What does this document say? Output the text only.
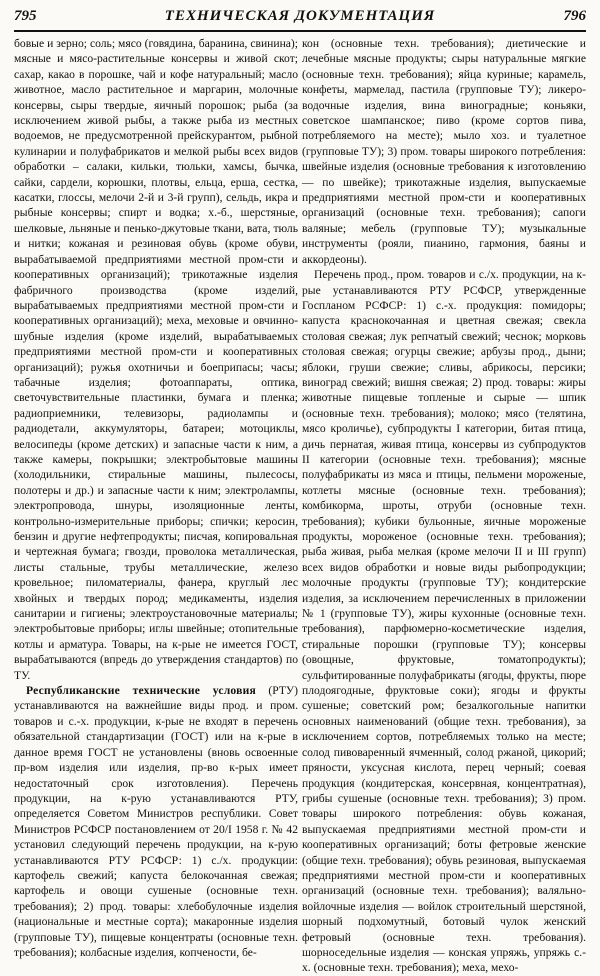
795	ТЕХНИЧЕСКАЯ ДОКУМЕНТАЦИЯ	796

бовые и зерно; соль; мясо (говядина, баранина, свинина); мясные и мясо-растительные консервы и живой скот; сахар, какао в порошке, чай и кофе натуральный; масло животное, масло растительное и маргарин, молочные консервы, сыры твердые, яичный порошок; рыба (за исключением живой рыбы, а также рыба из местных водоемов, не предусмотренной прейскурантом, рыбной кулинарии и полуфабрикатов и мелкой рыбы всех видов обработки – салаки, кильки, тюльки, хамсы, бычка, сайки, сардели, корюшки, плотвы, ельца, ерша, сестка, касатки, глоссы, мелочи 2-й и 3-й групп), сельдь, икра и рыбные консервы; спирт и водка; х.-б., шерстяные, шелковые, льняные и пенько-джутовые ткани, вата, тюль и нитки; кожаная и резиновая обувь (кроме обуви, вырабатываемой предприятиями местной пром-сти и кооперативных организаций); трикотажные изделия фабричного производства (кроме изделий, вырабатываемых предприятиями местной пром-сти и кооперативных организаций); меха, меховые и овчинно-шубные изделия (кроме изделий, вырабатываемых предприятиями местной пром-сти и кооперативных организаций); ружья охотничьи и боеприпасы; часы; табачные изделия; фотоаппараты, оптика, светочувствительные пластинки, бумага и пленка; радиоприемники, телевизоры, радиолампы и радиодетали, аккумуляторы, батареи; мотоциклы, велосипеды (кроме детских) и запасные части к ним, а также камеры, покрышки; электробытовые машины (холодильники, стиральные машины, пылесосы, полотеры и др.) и запасные части к ним; электролампы, электропровода, шнуры, изоляционные ленты, контрольно-измерительные приборы; спички; керосин, бензин и другие нефтепродукты; писчая, копировальная и чертежная бумага; гвозди, проволока металлическая, листы стальные, трубы металлические, железо кровельное; пиломатериалы, фанера, круглый лес хвойных и твердых пород; медикаменты, изделия санитарии и гигиены; электроустановочные материалы; электробытовые приборы; иглы швейные; отопительные котлы и арматура. Товары, на к-рые не имеется ГОСТ, вырабатываются (впредь до утверждения стандартов) по ТУ.

Республиканские технические условия (РТУ) устанавливаются на важнейшие виды прод. и пром. товаров и с.-х. продукции, к-рые не входят в перечень обязательной стандартизации (ГОСТ) или на к-рые в данное время ГОСТ не установлены (вновь освоенные пр-вом изделия или изделия, пр-во к-рых имеет недостаточный срок изготовления). Перечень продукции, на к-рую устанавливаются РТУ, определяется Советом Министров республики. Совет Министров РСФСР постановлением от 20/I 1958 г. № 42 установил следующий перечень продукции, на к-рую устанавливаются РТУ РСФСР: 1) с./х. продукции: картофель свежий; капуста белокочанная свежая; картофель и овощи сушеные (основные техн. требования); 2) прод. товары: хлебобулочные изделия (национальные и местные сорта); макаронные изделия (групповые ТУ), пищевые концентраты (основные техн. требования); колбасные изделия, копчености, бе-

кон (основные техн. требования); диетические и лечебные мясные продукты; сыры натуральные мягкие (основные техн. требования); яйца куриные; карамель, конфеты, мармелад, пастила (групповые ТУ); ликеро-водочные изделия, вина виноградные; коньяки, советское шампанское; пиво (кроме сортов пива, потребляемого на месте); мыло хоз. и туалетное (групповые ТУ); 3) пром. товары широкого потребления: швейные изделия (основные требования к изготовлению — по швейке); трикотажные изделия, выпускаемые предприятиями местной пром-сти и кооперативных организаций (основные техн. требования); сапоги валяные; мебель (групповые ТУ); музыкальные инструменты (рояли, пианино, гармония, баяны и аккордеоны).

Перечень прод., пром. товаров и с./х. продукции, на к-рые устанавливаются РТУ РСФСР, утвержденные Госпланом РСФСР: 1) с.-х. продукция: помидоры; капуста краснокочанная и цветная свежая; свекла столовая свежая; лук репчатый свежий; чеснок; морковь столовая свежая; огурцы свежие; арбузы прод., дыни; яблоки, груши свежие; сливы, абрикосы, персики; виноград свежий; вишня свежая; 2) прод. товары: жиры животные пищевые топленые и сырые — шпик (основные техн. требования); молоко; мясо (телятина, мясо кроличье), субпродукты I категории, битая птица, дичь пернатая, живая птица, консервы из субпродуктов II категории (основные техн. требования); мясные полуфабрикаты из мяса и птицы, пельмени мороженые, котлеты мясные (основные техн. требования); комбикорма, шроты, отруби (основные техн. требования); кубики бульонные, яичные мороженые продукты, мороженое (основные техн. требования); рыба живая, рыба мелкая (кроме мелочи II и III групп) всех видов обработки и новые виды рыбопродукции; молочные продукты (групповые ТУ); кондитерские изделия, за исключением перечисленных в приложении № 1 (групповые ТУ), жиры кухонные (основные техн. требования), парфюмерно-косметические изделия, стиральные порошки (групповые ТУ); консервы (овощные, фруктовые, томатопродукты); сульфитированные полуфабрикаты (ягоды, фрукты, пюре плодоягодные, фруктовые соки); ягоды и фрукты сушеные; советский ром; безалкогольные напитки основных наименований (общие техн. требования), за исключением сортов, потребляемых только на месте; солод пивоваренный ячменный, солод ржаной, цикорий; пряности, уксусная кислота, перец черный; соевая продукция (кондитерская, консервная, концентратная), грибы сушеные (основные техн. требования); 3) пром. товары широкого потребления: обувь кожаная, выпускаемая предприятиями местной пром-сти и кооперативных организаций; боты фетровые женские (общие техн. требования); обувь резиновая, выпускаемая предприятиями местной пром-сти и кооперативных организаций (основные техн. требования); валяльно-войлочные изделия — войлок строительный шерстяной, шорный подхомутный, ботовый чулок женский фетровый (основные техн. требования). шорноседельные изделия — конская упряжь, упряжь с.-х. (основные техн. требования); меха, мехо-
